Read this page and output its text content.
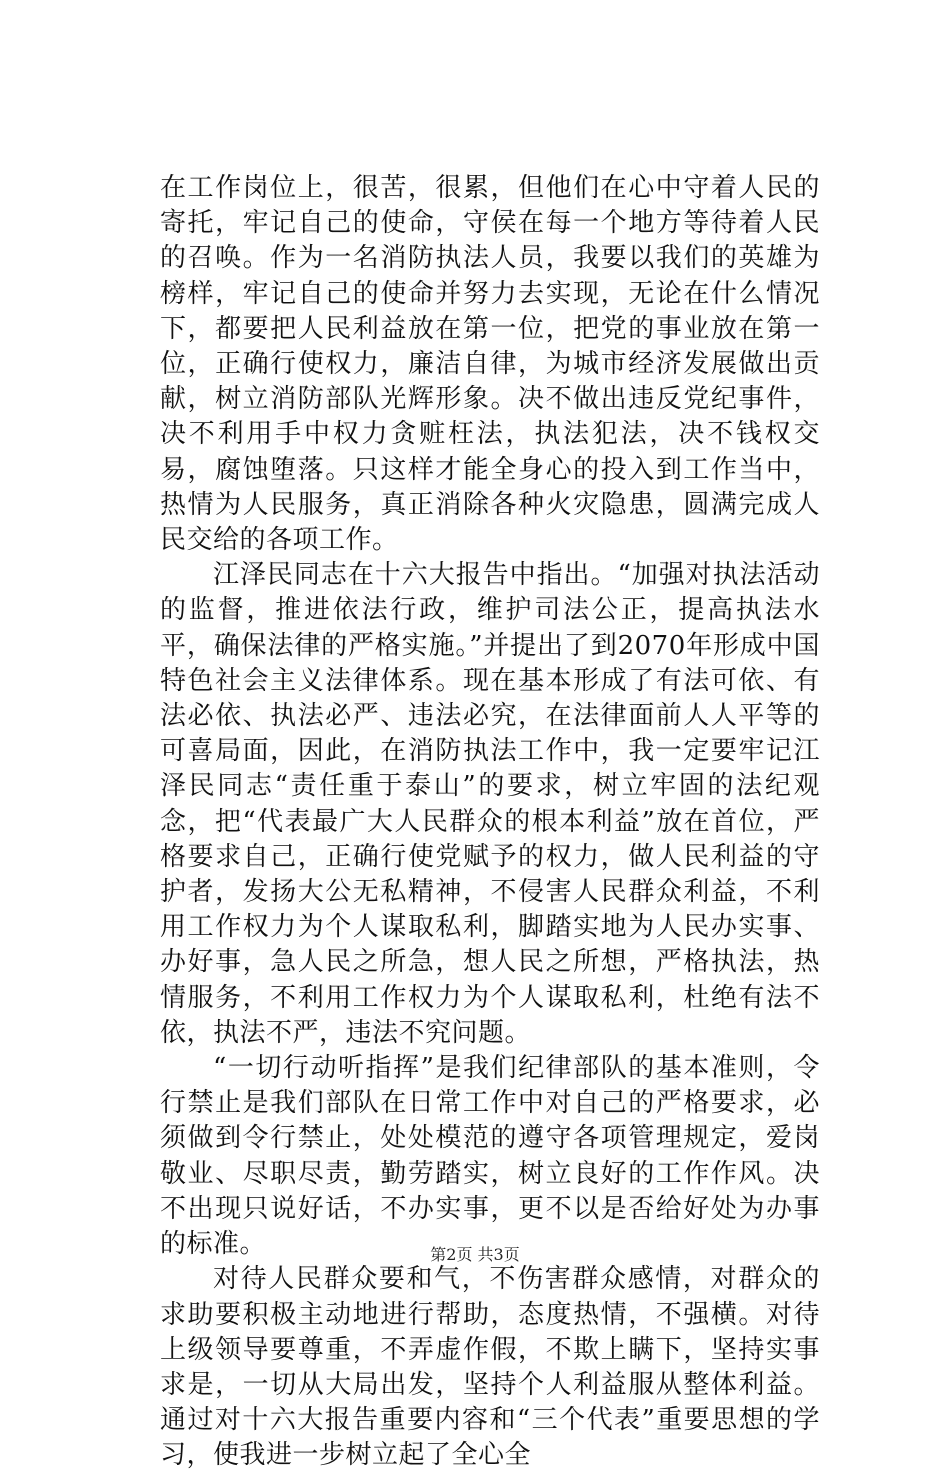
在工作岗位上，很苦，很累，但他们在心中守着人民的寄托，牢记自己的使命，守侯在每一个地方等待着人民的召唤。作为一名消防执法人员，我要以我们的英雄为榜样，牢记自己的使命并努力去实现，无论在什么情况下，都要把人民利益放在第一位，把党的事业放在第一位，正确行使权力，廉洁自律，为城市经济发展做出贡献，树立消防部队光辉形象。决不做出违反党纪事件，决不利用手中权力贪赃枉法，执法犯法，决不钱权交易，腐蚀堕落。只这样才能全身心的投入到工作当中，热情为人民服务，真正消除各种火灾隐患，圆满完成人民交给的各项工作。

江泽民同志在十六大报告中指出。“加强对执法活动的监督，推进依法行政，维护司法公正，提高执法水平，确保法律的严格实施。”并提出了到2070年形成中国特色社会主义法律体系。现在基本形成了有法可依、有法必依、执法必严、违法必究，在法律面前人人平等的可喜局面，因此，在消防执法工作中，我一定要牢记江泽民同志“责任重于泰山”的要求，树立牢固的法纪观念，把“代表最广大人民群众的根本利益”放在首位，严格要求自己，正确行使党赋予的权力，做人民利益的守护者，发扬大公无私精神，不侵害人民群众利益，不利用工作权力为个人谋取私利，脚踏实地为人民办实事、办好事，急人民之所急，想人民之所想，严格执法，热情服务，不利用工作权力为个人谋取私利，杜绝有法不依，执法不严，违法不究问题。

“一切行动听指挥”是我们纪律部队的基本准则，令行禁止是我们部队在日常工作中对自己的严格要求，必须做到令行禁止，处处模范的遵守各项管理规定，爱岗敬业、尽职尽责，勤劳踏实，树立良好的工作作风。决不出现只说好话，不办实事，更不以是否给好处为办事的标准。

对待人民群众要和气，不伤害群众感情，对群众的求助要积极主动地进行帮助，态度热情，不强横。对待上级领导要尊重，不弄虚作假，不欺上瞒下，坚持实事求是，一切从大局出发，坚持个人利益服从整体利益。通过对十六大报告重要内容和“三个代表”重要思想的学习，使我进一步树立起了全心全

第2页 共3页
